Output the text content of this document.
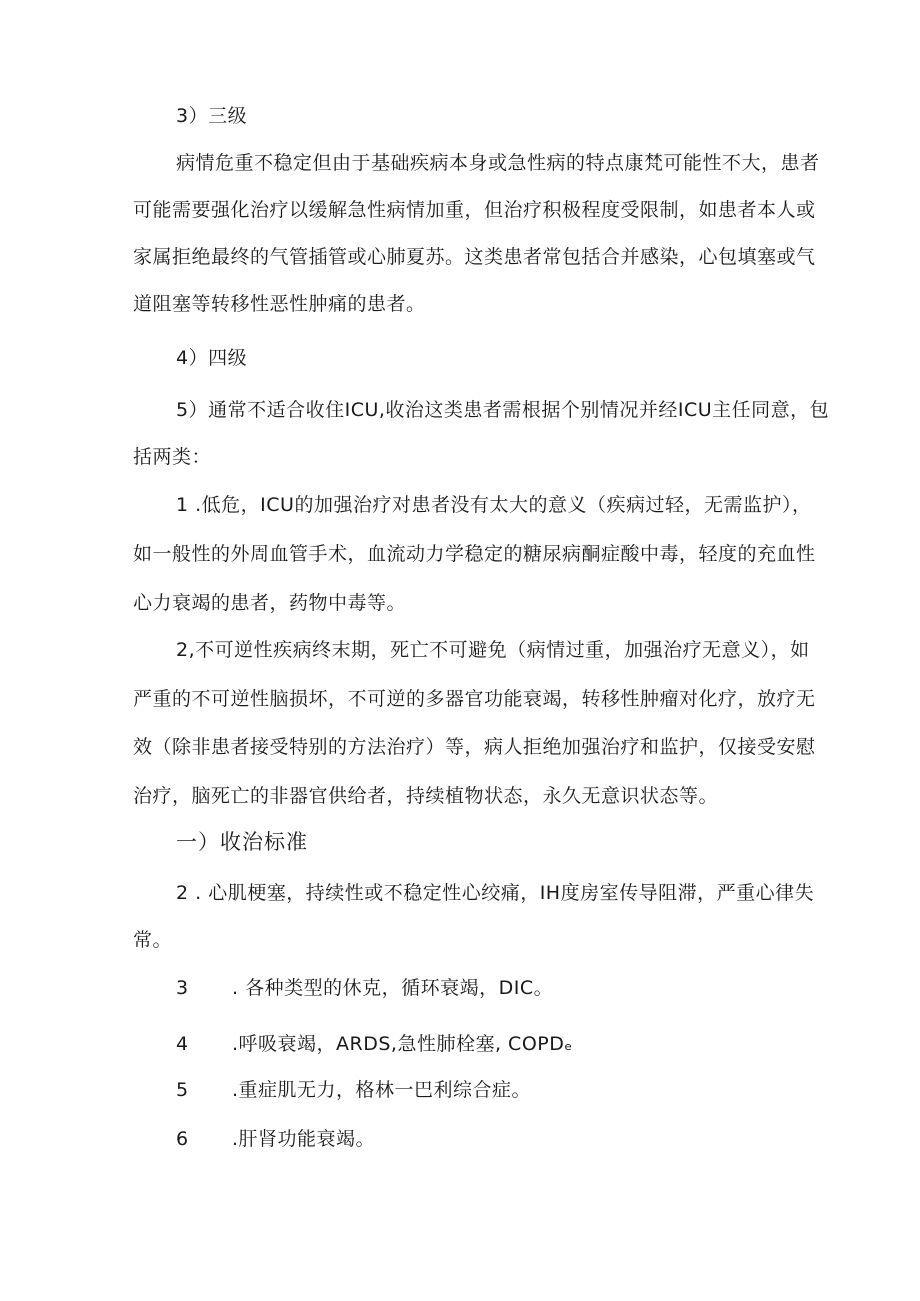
3）三级
病情危重不稳定但由于基础疾病本身或急性病的特点康梵可能性不大，患者
可能需要强化治疗以缓解急性病情加重，但治疗积极程度受限制，如患者本人或
家属拒绝最终的气管插管或心肺夏苏。这类患者常包括合并感染，心包填塞或气
道阻塞等转移性恶性肿痛的患者。
4）四级
5）通常不适合收住ICU,收治这类患者需根据个别情况并经ICU主任同意，包
括两类：
1 .低危，ICU的加强治疗对患者没有太大的意义（疾病过轻，无需监护），
如一般性的外周血管手术，血流动力学稳定的糖尿病酮症酸中毒，轻度的充血性
心力衰竭的患者，药物中毒等。
2,不可逆性疾病终末期，死亡不可避免（病情过重，加强治疗无意义），如
严重的不可逆性脑损坏，不可逆的多器官功能衰竭，转移性肿瘤对化疗，放疗无
效（除非患者接受特别的方法治疗）等，病人拒绝加强治疗和监护，仅接受安慰
治疗，脑死亡的非器官供给者，持续植物状态，永久无意识状态等。
一）收治标准
2 . 心肌梗塞，持续性或不稳定性心绞痛，IH度房室传导阻滞，严重心律失
常。
3 . 各种类型的休克，循环衰竭，DIC。
4 .呼吸衰竭，ARDS,急性肺栓塞, COPDₑ
5 .重症肌无力，格林一巴利综合症。
6 .肝肾功能衰竭。
